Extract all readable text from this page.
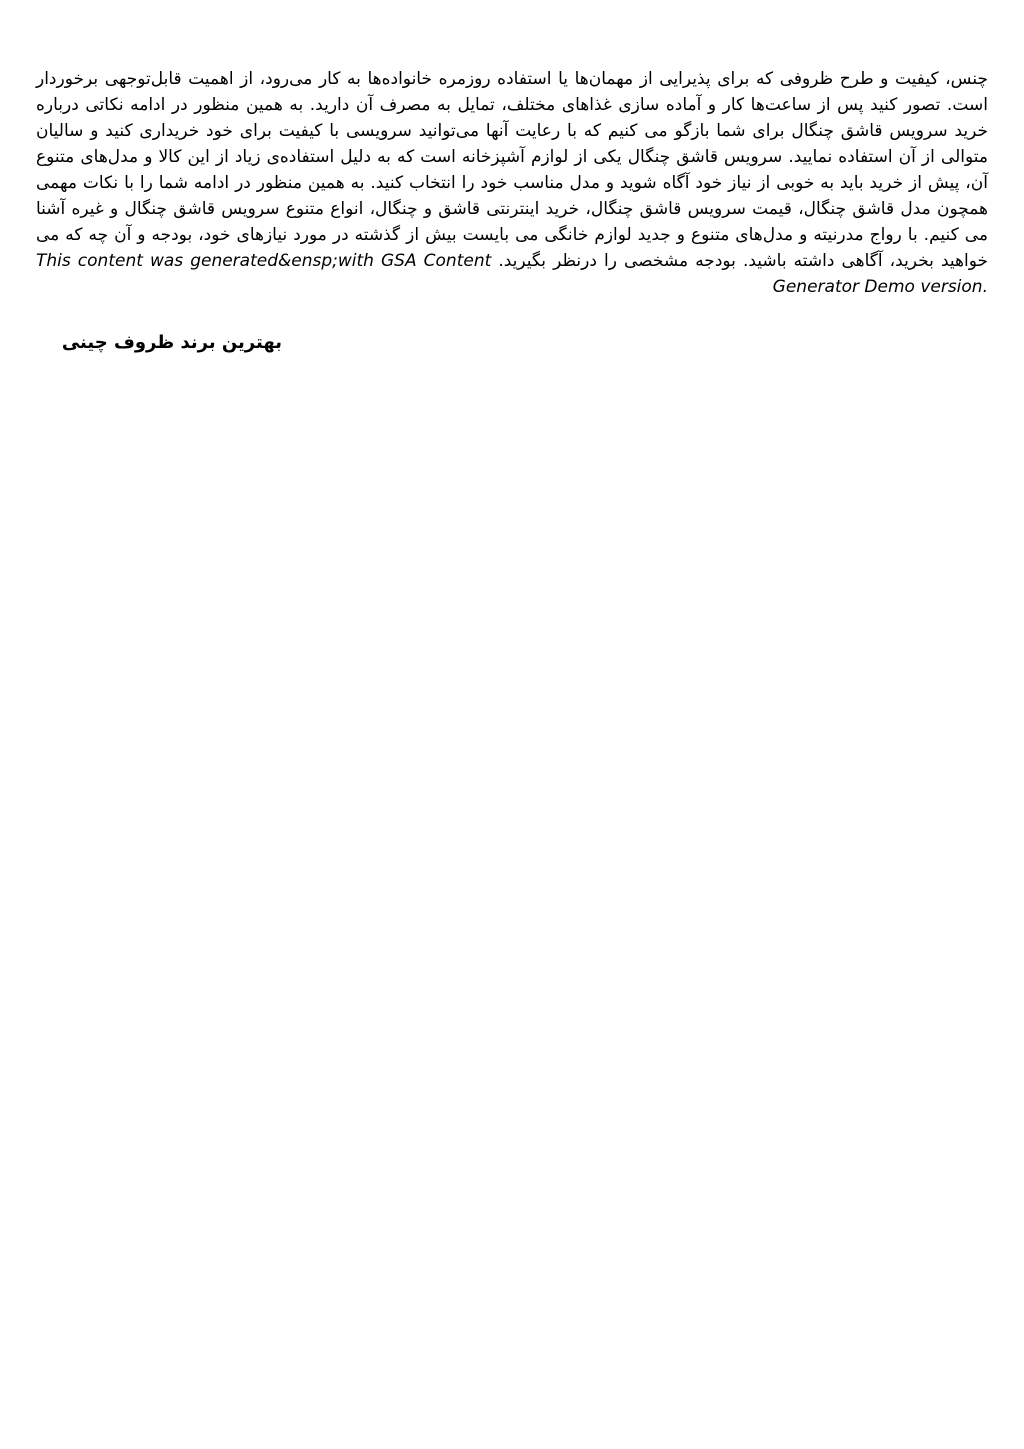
چنس، کیفیت و طرح ظروفی که برای پذیرایی از مهمان‌ها یا استفاده روزمره خانواده‌ها به کار می‌رود، از اهمیت قابل‌توجهی برخوردار است. تصور کنید پس از ساعت‌ها کار و آماده سازی غذاهای مختلف، تمایل به مصرف آن دارید. به همین منظور در ادامه نکاتی درباره خرید سرویس قاشق چنگال برای شما بازگو می کنیم که با رعایت آنها می‌توانید سرویسی با کیفیت برای خود خریداری کنید و سالیان متوالی از آن استفاده نمایید. سرویس قاشق چنگال یکی از لوازم آشپزخانه است که به دلیل استفاده‌ی زیاد از این کالا و مدل‌های متنوع آن، پیش از خرید باید به خوبی از نیاز خود آگاه شوید و مدل مناسب خود را انتخاب کنید. به همین منظور در ادامه شما را با نکات مهمی همچون مدل قاشق چنگال، قیمت سرویس قاشق چنگال، خرید اینترنتی قاشق و چنگال، انواع متنوع سرویس قاشق چنگال و غیره آشنا می کنیم. با رواج مدرنیته و مدل‌های متنوع و جدید لوازم خانگی می بایست بیش از گذشته در مورد نیازهای خود، بودجه و آن چه که می خواهید بخرید، آگاهی داشته باشید. بودجه مشخصی را درنظر بگیرید. This content was generated&ensp;with GSA Content Generator Demo version.

بهترین برند ظروف چینی
